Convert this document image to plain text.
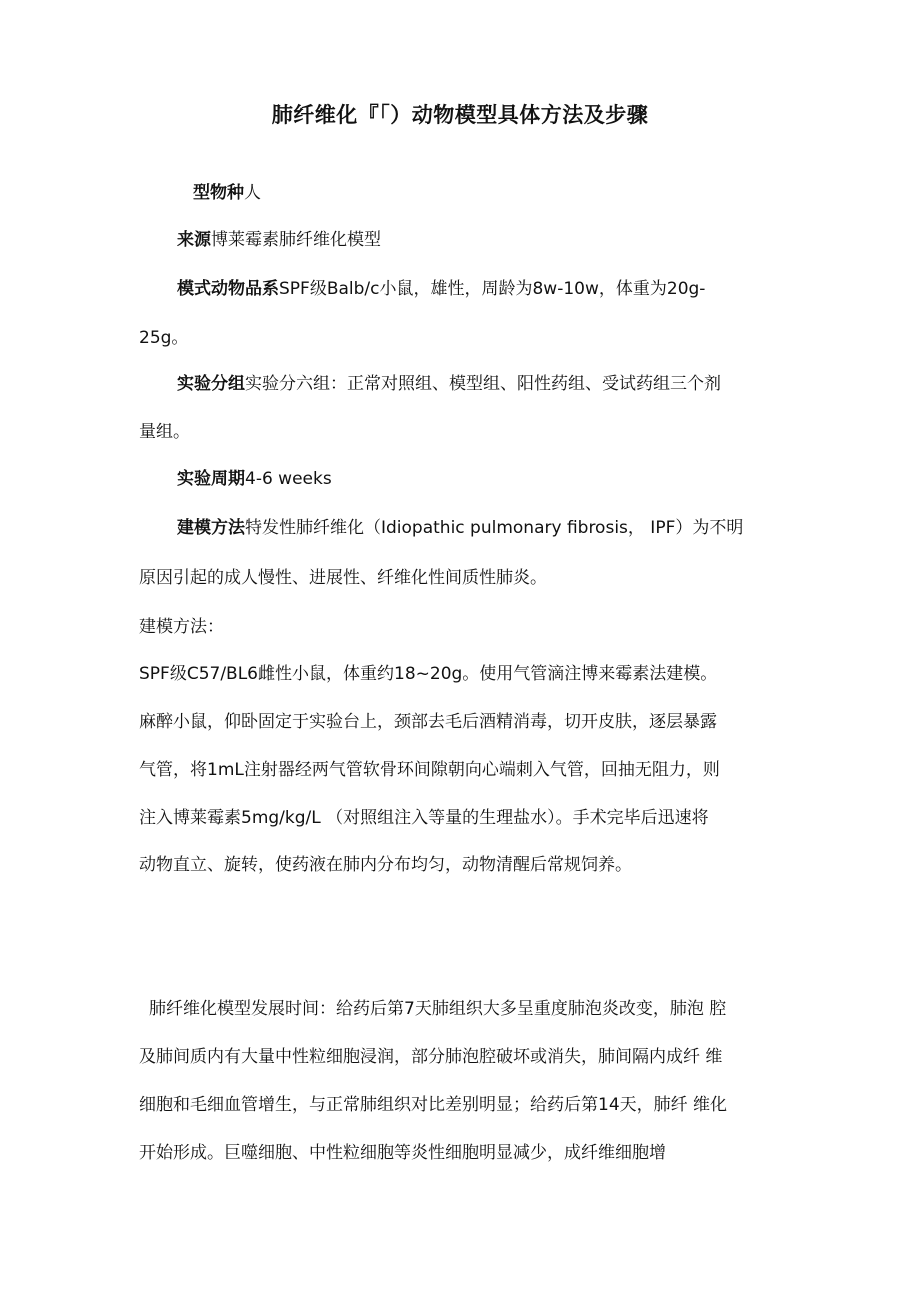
肺纤维化『「）动物模型具体方法及步骤
型物种人
来源博莱霉素肺纤维化模型
模式动物品系SPF级Balb/c小鼠，雄性，周龄为8w-10w，体重为20g-
25g。
实验分组实验分六组：正常对照组、模型组、阳性药组、受试药组三个剂
量组。
实验周期4-6 weeks
建模方法特发性肺纤维化（Idiopathic pulmonary fibrosis， IPF）为不明
原因引起的成人慢性、进展性、纤维化性间质性肺炎。
建模方法：
SPF级C57/BL6雌性小鼠，体重约18~20g。使用气管滴注博来霉素法建模。
麻醉小鼠，仰卧固定于实验台上，颈部去毛后酒精消毒，切开皮肤，逐层暴露
气管，将1mL注射器经两气管软骨环间隙朝向心端刺入气管，回抽无阻力，则
注入博莱霉素5mg/kg/L （对照组注入等量的生理盐水）。手术完毕后迅速将
动物直立、旋转，使药液在肺内分布均匀，动物清醒后常规饲养。
肺纤维化模型发展时间：给药后第7天肺组织大多呈重度肺泡炎改变，肺泡 腔
及肺间质内有大量中性粒细胞浸润，部分肺泡腔破坏或消失，肺间隔内成纤 维
细胞和毛细血管增生，与正常肺组织对比差别明显；给药后第14天，肺纤 维化
开始形成。巨噬细胞、中性粒细胞等炎性细胞明显减少，成纤维细胞增
